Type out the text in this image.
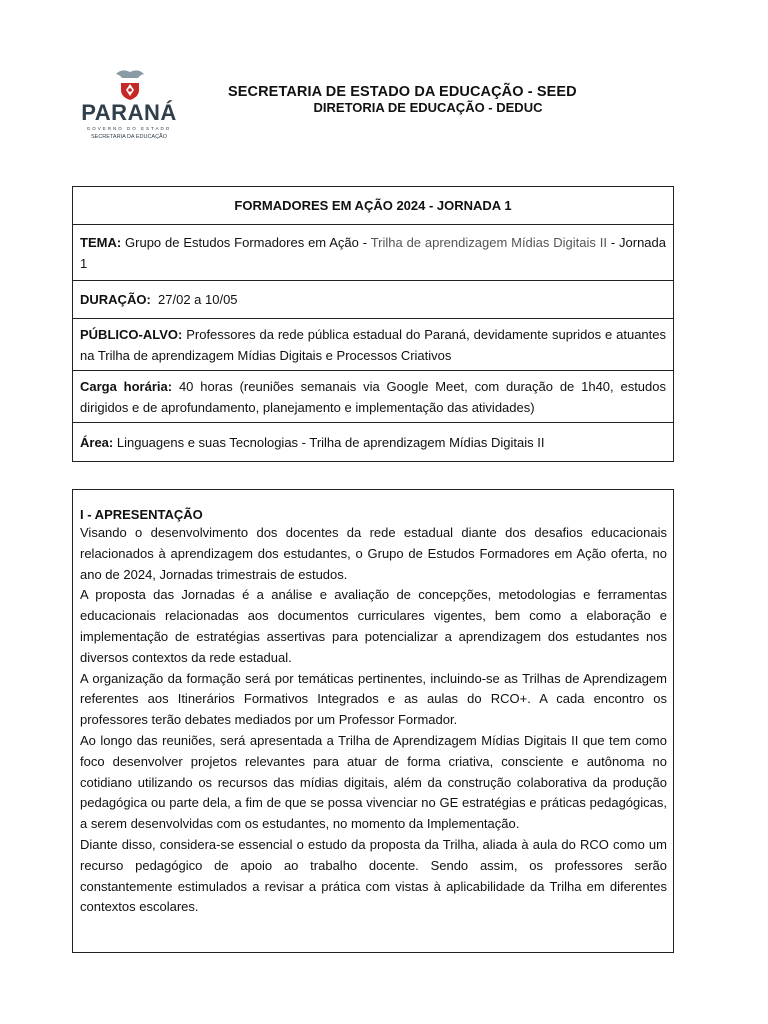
PARANÁ
GOVERNO DO ESTADO
SECRETARIA DA EDUCAÇÃO
SECRETARIA DE ESTADO DA EDUCAÇÃO - SEED
DIRETORIA DE EDUCAÇÃO - DEDUC
FORMADORES EM AÇÃO 2024 - JORNADA 1
TEMA: Grupo de Estudos Formadores em Ação - Trilha de aprendizagem Mídias Digitais II - Jornada 1
DURAÇÃO: 27/02 a 10/05
PÚBLICO-ALVO: Professores da rede pública estadual do Paraná, devidamente supridos e atuantes na Trilha de aprendizagem Mídias Digitais e Processos Criativos
Carga horária: 40 horas (reuniões semanais via Google Meet, com duração de 1h40, estudos dirigidos e de aprofundamento, planejamento e implementação das atividades)
Área: Linguagens e suas Tecnologias - Trilha de aprendizagem Mídias Digitais II
I - APRESENTAÇÃO

Visando o desenvolvimento dos docentes da rede estadual diante dos desafios educacionais relacionados à aprendizagem dos estudantes, o Grupo de Estudos Formadores em Ação oferta, no ano de 2024, Jornadas trimestrais de estudos.

A proposta das Jornadas é a análise e avaliação de concepções, metodologias e ferramentas educacionais relacionadas aos documentos curriculares vigentes, bem como a elaboração e implementação de estratégias assertivas para potencializar a aprendizagem dos estudantes nos diversos contextos da rede estadual.

A organização da formação será por temáticas pertinentes, incluindo-se as Trilhas de Aprendizagem referentes aos Itinerários Formativos Integrados e as aulas do RCO+. A cada encontro os professores terão debates mediados por um Professor Formador.

Ao longo das reuniões, será apresentada a Trilha de Aprendizagem Mídias Digitais II que tem como foco desenvolver projetos relevantes para atuar de forma criativa, consciente e autônoma no cotidiano utilizando os recursos das mídias digitais, além da construção colaborativa da produção pedagógica ou parte dela, a fim de que se possa vivenciar no GE estratégias e práticas pedagógicas, a serem desenvolvidas com os estudantes, no momento da Implementação.

Diante disso, considera-se essencial o estudo da proposta da Trilha, aliada à aula do RCO como um recurso pedagógico de apoio ao trabalho docente. Sendo assim, os professores serão constantemente estimulados a revisar a prática com vistas à aplicabilidade da Trilha em diferentes contextos escolares.
